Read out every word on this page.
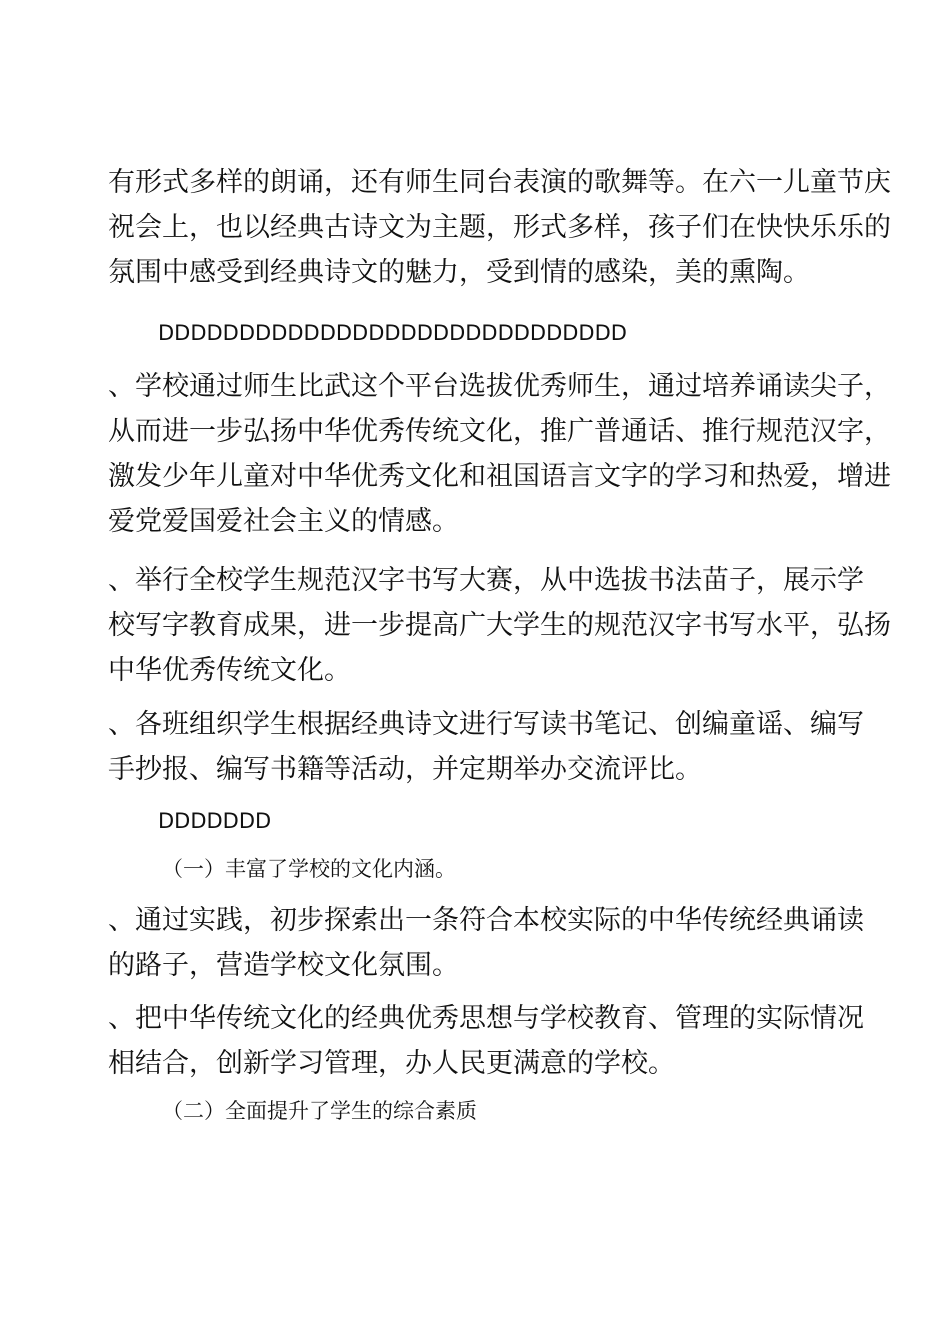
有形式多样的朗诵，还有师生同台表演的歌舞等。在六一儿童节庆
祝会上，也以经典古诗文为主题，形式多样，孩子们在快快乐乐的
氛围中感受到经典诗文的魅力，受到情的感染，美的熏陶。

DDDDDDDDDDDDDDDDDDDDDDDDDDDDD

、学校通过师生比武这个平台选拔优秀师生，通过培养诵读尖子，
从而进一步弘扬中华优秀传统文化，推广普通话、推行规范汉字，
激发少年儿童对中华优秀文化和祖国语言文字的学习和热爱，增进
爱党爱国爱社会主义的情感。

、举行全校学生规范汉字书写大赛，从中选拔书法苗子，展示学
校写字教育成果，进一步提高广大学生的规范汉字书写水平，弘扬
中华优秀传统文化。

、各班组织学生根据经典诗文进行写读书笔记、创编童谣、编写
手抄报、编写书籍等活动，并定期举办交流评比。

DDDDDDD

（一）丰富了学校的文化内涵。

、通过实践，初步探索出一条符合本校实际的中华传统经典诵读
的路子，营造学校文化氛围。

、把中华传统文化的经典优秀思想与学校教育、管理的实际情况
相结合，创新学习管理，办人民更满意的学校。

（二）全面提升了学生的综合素质
